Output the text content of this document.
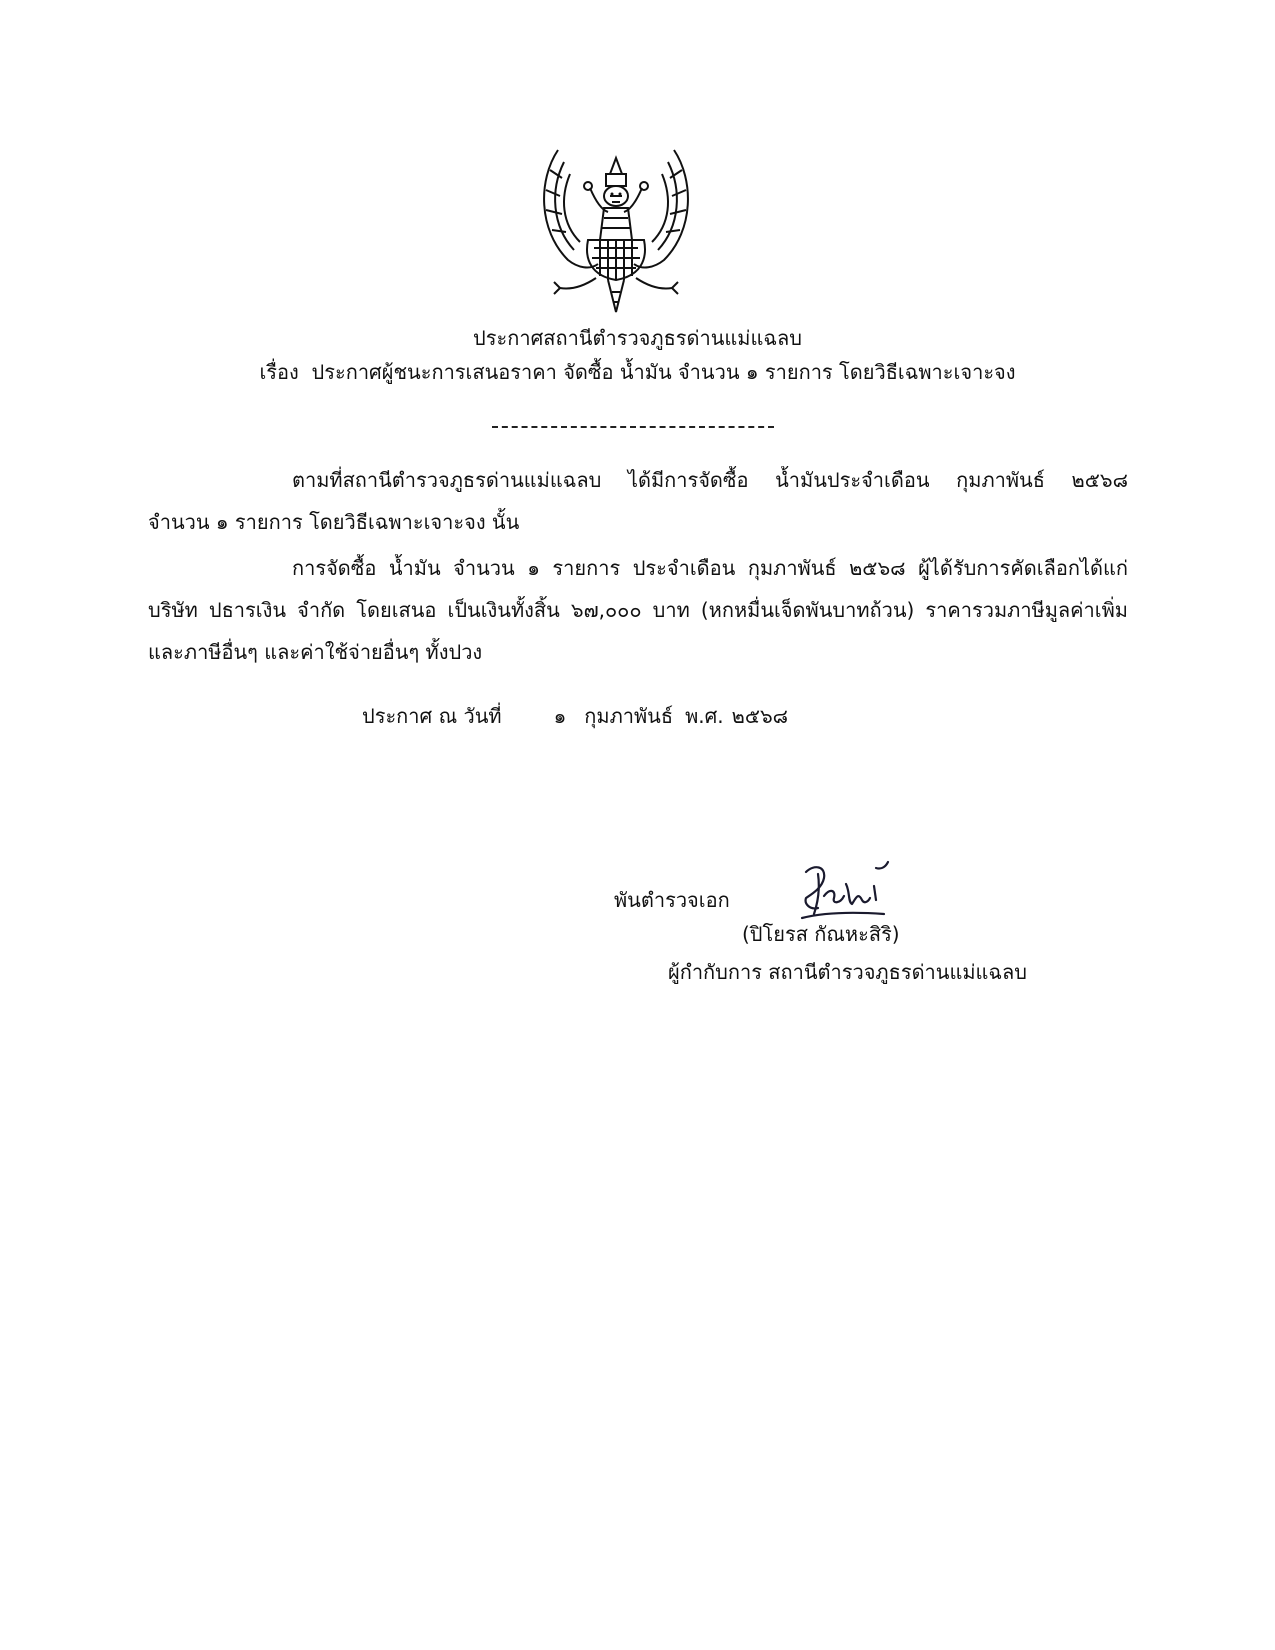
ประกาศสถานีตำรวจภูธรด่านแม่แฉลบ
เรื่อง ประกาศผู้ชนะการเสนอราคา จัดซื้อ น้ำมัน จำนวน ๑ รายการ โดยวิธีเฉพาะเจาะจง
ตามที่สถานีตำรวจภูธรด่านแม่แฉลบ ได้มีการจัดซื้อ น้ำมันประจำเดือน กุมภาพันธ์ ๒๕๖๘
จำนวน ๑ รายการ โดยวิธีเฉพาะเจาะจง นั้น
การจัดซื้อ น้ำมัน จำนวน ๑ รายการ ประจำเดือน กุมภาพันธ์ ๒๕๖๘ ผู้ได้รับการคัดเลือกได้แก่
บริษัท ปธารเงิน จำกัด โดยเสนอ เป็นเงินทั้งสิ้น ๖๗,๐๐๐ บาท (หกหมื่นเจ็ดพันบาทถ้วน) ราคารวมภาษีมูลค่าเพิ่ม
และภาษีอื่นๆ และค่าใช้จ่ายอื่นๆ ทั้งปวง
ประกาศ ณ วันที่	๑ กุมภาพันธ์ พ.ศ. ๒๕๖๘
พันตำรวจเอก
(ปิโยรส กัณหะสิริ)
ผู้กำกับการ สถานีตำรวจภูธรด่านแม่แฉลบ
